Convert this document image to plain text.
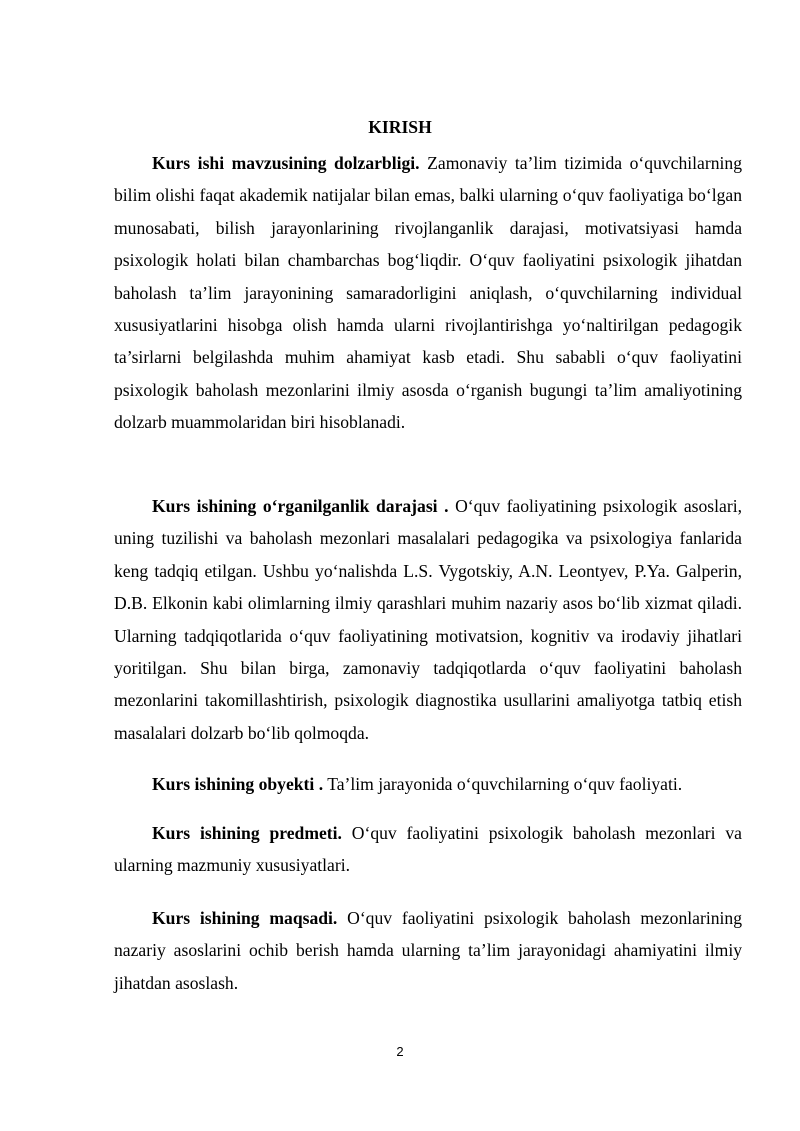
KIRISH

Kurs ishi mavzusining dolzarbligi. Zamonaviy ta’lim tizimida o‘quvchilarning bilim olishi faqat akademik natijalar bilan emas, balki ularning o‘quv faoliyatiga bo‘lgan munosabati, bilish jarayonlarining rivojlanganlik darajasi, motivatsiyasi hamda psixologik holati bilan chambarchas bog‘liqdir. O‘quv faoliyatini psixologik jihatdan baholash ta’lim jarayonining samaradorligini aniqlash, o‘quvchilarning individual xususiyatlarini hisobga olish hamda ularni rivojlantirishga yo‘naltirilgan pedagogik ta’sirlarni belgilashda muhim ahamiyat kasb etadi. Shu sababli o‘quv faoliyatini psixologik baholash mezonlarini ilmiy asosda o‘rganish bugungi ta’lim amaliyotining dolzarb muammolaridan biri hisoblanadi.

Kurs ishining o‘rganilganlik darajasi . O‘quv faoliyatining psixologik asoslari, uning tuzilishi va baholash mezonlari masalalari pedagogika va psixologiya fanlarida keng tadqiq etilgan. Ushbu yo‘nalishda L.S. Vygotskiy, A.N. Leontyev, P.Ya. Galperin, D.B. Elkonin kabi olimlarning ilmiy qarashlari muhim nazariy asos bo‘lib xizmat qiladi. Ularning tadqiqotlarida o‘quv faoliyatining motivatsion, kognitiv va irodaviy jihatlari yoritilgan. Shu bilan birga, zamonaviy tadqiqotlarda o‘quv faoliyatini baholash mezonlarini takomillashtirish, psixologik diagnostika usullarini amaliyotga tatbiq etish masalalari dolzarb bo‘lib qolmoqda.

Kurs ishining obyekti . Ta’lim jarayonida o‘quvchilarning o‘quv faoliyati.

Kurs ishining predmeti. O‘quv faoliyatini psixologik baholash mezonlari va ularning mazmuniy xususiyatlari.

Kurs ishining maqsadi. O‘quv faoliyatini psixologik baholash mezonlarining nazariy asoslarini ochib berish hamda ularning ta’lim jarayonidagi ahamiyatini ilmiy jihatdan asoslash.

2
